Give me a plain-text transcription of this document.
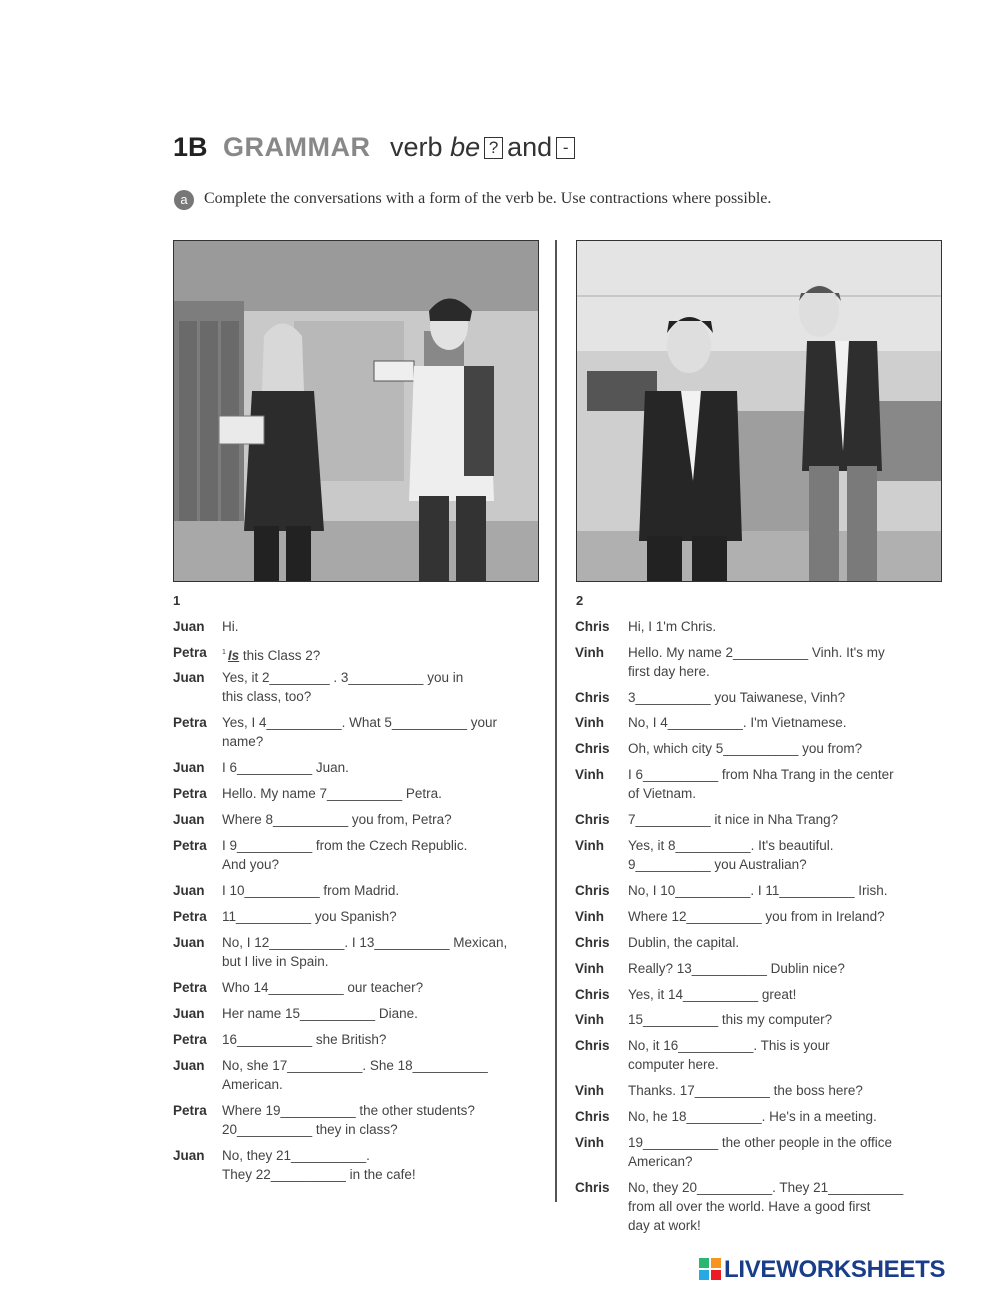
1B GRAMMAR verb be ? and -
a Complete the conversations with a form of the verb be. Use contractions where possible.
1	2
Juan Hi.
Petra $^1$ Is this Class 2?
Juan Yes, it 2________ . 3__________ you in
this class, too?
Petra Yes, I 4__________. What 5__________ your
name?
Juan I 6__________ Juan.
Petra Hello. My name 7__________ Petra.
Juan Where 8__________ you from, Petra?
Petra I 9__________ from the Czech Republic.
And you?
Juan I 10__________ from Madrid.
Petra 11__________ you Spanish?
Juan No, I 12__________. I 13__________ Mexican,
but I live in Spain.
Petra Who 14__________ our teacher?
Juan Her name 15__________ Diane.
Petra 16__________ she British?
Juan No, she 17__________. She 18__________
American.
Petra Where 19__________ the other students?
20__________ they in class?
Juan No, they 21__________.
They 22__________ in the cafe!
Chris Hi, I 1'm Chris.
Vinh Hello. My name 2__________ Vinh. It's my
first day here.
Chris 3__________ you Taiwanese, Vinh?
Vinh No, I 4__________. I'm Vietnamese.
Chris Oh, which city 5__________ you from?
Vinh I 6__________ from Nha Trang in the center
of Vietnam.
Chris 7__________ it nice in Nha Trang?
Vinh Yes, it 8__________. It's beautiful.
9__________ you Australian?
Chris No, I 10__________. I 11__________ Irish.
Vinh Where 12__________ you from in Ireland?
Chris Dublin, the capital.
Vinh Really? 13__________ Dublin nice?
Chris Yes, it 14__________ great!
Vinh 15__________ this my computer?
Chris No, it 16__________. This is your
computer here.
Vinh Thanks. 17__________ the boss here?
Chris No, he 18__________. He's in a meeting.
Vinh 19__________ the other people in the office
American?
Chris No, they 20__________. They 21__________
from all over the world. Have a good first
day at work!
LIVEWORKSHEETS
